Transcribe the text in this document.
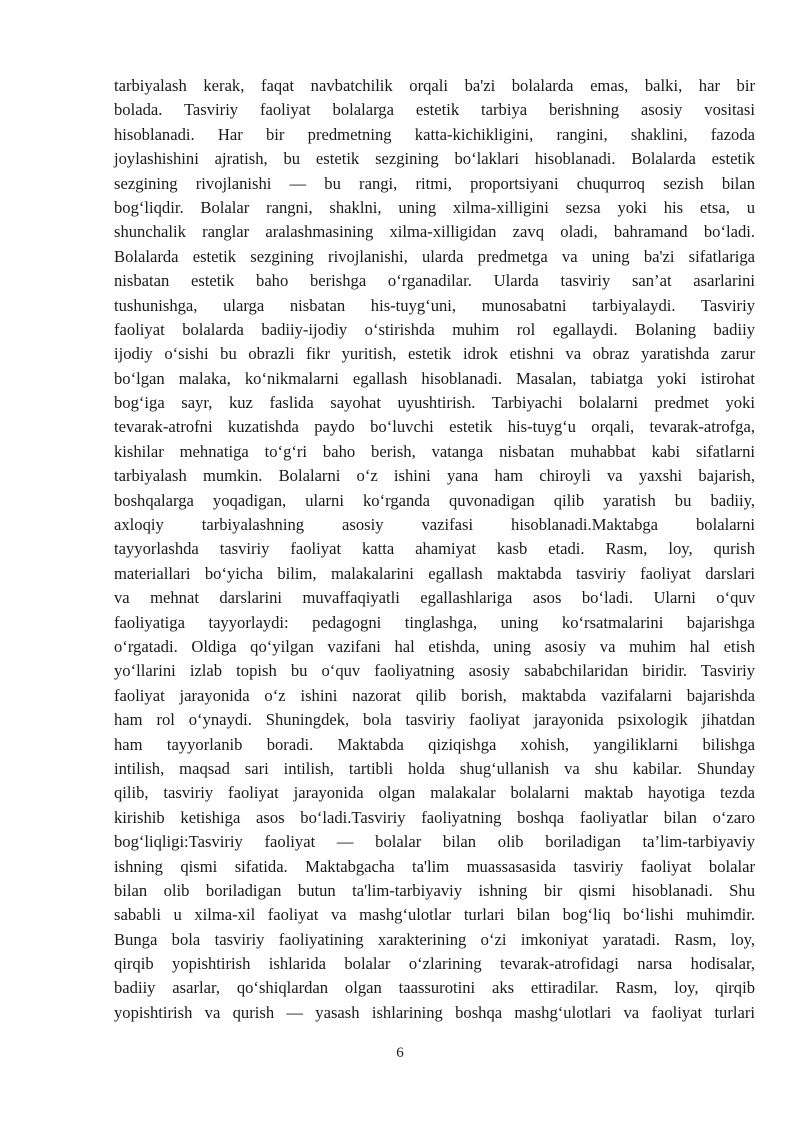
tarbiyalash kerak, faqat navbatchilik orqali ba'zi bolalarda emas, balki, har bir
bolada. Tasviriy faoliyat bolalarga estetik tarbiya berishning asosiy vositasi
hisoblanadi. Har bir predmetning katta-kichikligini, rangini, shaklini, fazoda
joylashishini ajratish, bu estetik sezgining bo‘laklari hisoblanadi. Bolalarda estetik
sezgining rivojlanishi — bu rangi, ritmi, proportsiyani chuqurroq sezish bilan
bog‘liqdir. Bolalar rangni, shaklni, uning xilma-xilligini sezsa yoki his etsa, u
shunchalik ranglar aralashmasining xilma-xilligidan zavq oladi, bahramand bo‘ladi.
Bolalarda estetik sezgining rivojlanishi, ularda predmetga va uning ba'zi sifatlariga
nisbatan estetik baho berishga o‘rganadilar. Ularda tasviriy san’at asarlarini
tushunishga, ularga nisbatan his-tuyg‘uni, munosabatni tarbiyalaydi. Tasviriy
faoliyat bolalarda badiiy-ijodiy o‘stirishda muhim rol egallaydi. Bolaning badiiy
ijodiy o‘sishi bu obrazli fikr yuritish, estetik idrok etishni va obraz yaratishda zarur
bo‘lgan malaka, ko‘nikmalarni egallash hisoblanadi. Masalan, tabiatga yoki istirohat
bog‘iga sayr, kuz faslida sayohat uyushtirish. Tarbiyachi bolalarni predmet yoki
tevarak-atrofni kuzatishda paydo bo‘luvchi estetik his-tuyg‘u orqali, tevarak-atrofga,
kishilar mehnatiga to‘g‘ri baho berish, vatanga nisbatan muhabbat kabi sifatlarni
tarbiyalash mumkin. Bolalarni o‘z ishini yana ham chiroyli va yaxshi bajarish,
boshqalarga yoqadigan, ularni ko‘rganda quvonadigan qilib yaratish bu badiiy,
axloqiy tarbiyalashning asosiy vazifasi hisoblanadi.Maktabga bolalarni
tayyorlashda tasviriy faoliyat katta ahamiyat kasb etadi. Rasm, loy, qurish
materiallari bo‘yicha bilim, malakalarini egallash maktabda tasviriy faoliyat darslari
va mehnat darslarini muvaffaqiyatli egallashlariga asos bo‘ladi. Ularni o‘quv
faoliyatiga tayyorlaydi: pedagogni tinglashga, uning ko‘rsatmalarini bajarishga
o‘rgatadi. Oldiga qo‘yilgan vazifani hal etishda, uning asosiy va muhim hal etish
yo‘llarini izlab topish bu o‘quv faoliyatning asosiy sababchilaridan biridir. Tasviriy
faoliyat jarayonida o‘z ishini nazorat qilib borish, maktabda vazifalarni bajarishda
ham rol o‘ynaydi. Shuningdek, bola tasviriy faoliyat jarayonida psixologik jihatdan
ham tayyorlanib boradi. Maktabda qiziqishga xohish, yangiliklarni bilishga
intilish, maqsad sari intilish, tartibli holda shug‘ullanish va shu kabilar. Shunday
qilib, tasviriy faoliyat jarayonida olgan malakalar bolalarni maktab hayotiga tezda
kirishib ketishiga asos bo‘ladi.Tasviriy faoliyatning boshqa faoliyatlar bilan o‘zaro
bog‘liqligi:Tasviriy faoliyat — bolalar bilan olib boriladigan ta’lim-tarbiyaviy
ishning qismi sifatida. Maktabgacha ta'lim muassasasida tasviriy faoliyat bolalar
bilan olib boriladigan butun ta'lim-tarbiyaviy ishning bir qismi hisoblanadi. Shu
sababli u xilma-xil faoliyat va mashg‘ulotlar turlari bilan bog‘liq bo‘lishi muhimdir.
Bunga bola tasviriy faoliyatining xarakterining o‘zi imkoniyat yaratadi. Rasm, loy,
qirqib yopishtirish ishlarida bolalar o‘zlarining tevarak-atrofidagi narsa hodisalar,
badiiy asarlar, qo‘shiqlardan olgan taassurotini aks ettiradilar. Rasm, loy, qirqib
yopishtirish va qurish — yasash ishlarining boshqa mashg‘ulotlari va faoliyat turlari
6
